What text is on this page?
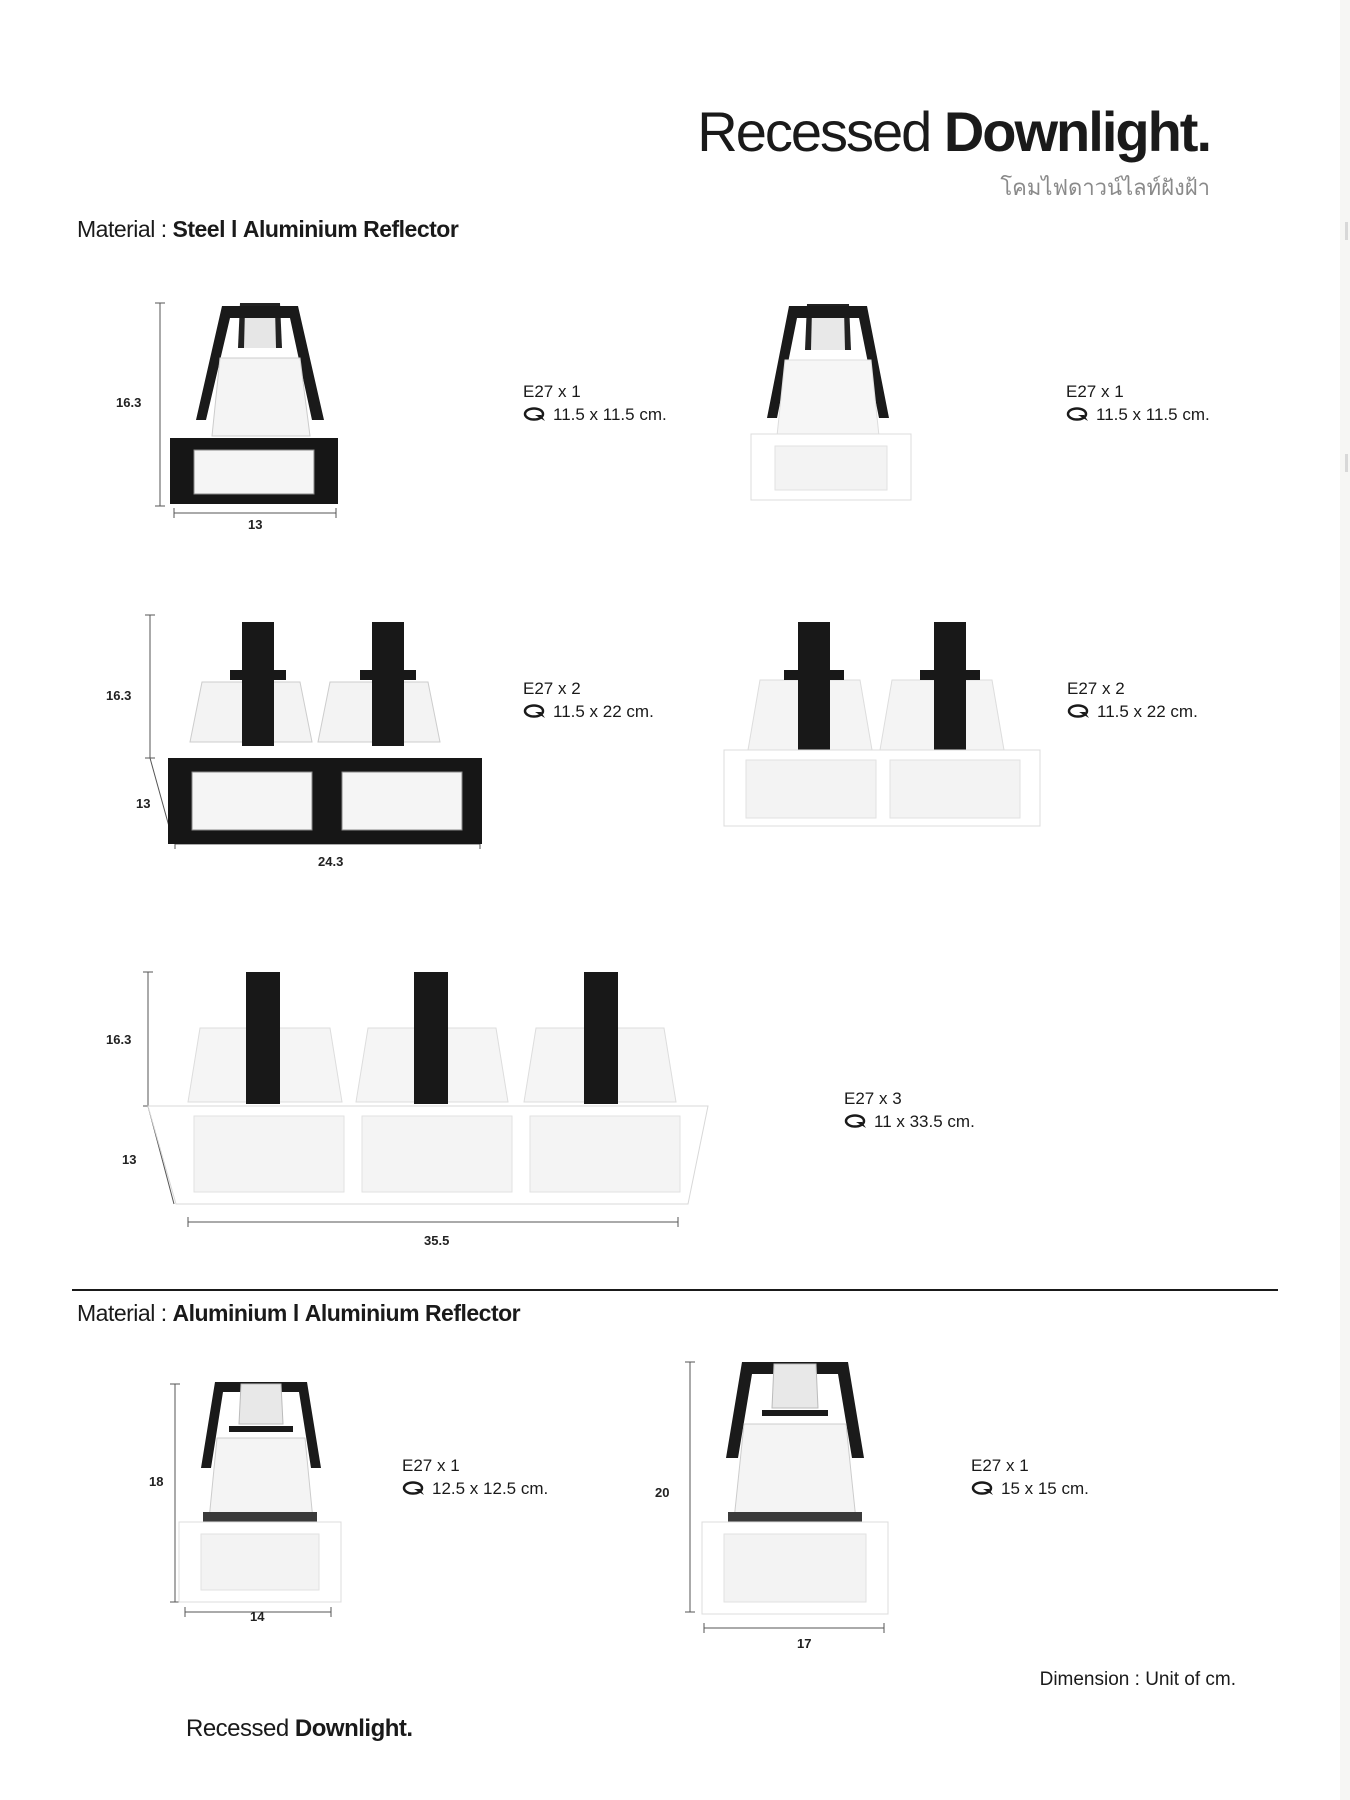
Recessed Downlight.
โคมไฟดาวน์ไลท์ฝังฝ้า
Material : Steel l Aluminium Reflector
16.3
13
E27 x 1
11.5 x 11.5 cm.
E27 x 1
11.5 x 11.5 cm.
16.3
13
24.3
E27 x 2
11.5 x 22 cm.
E27 x 2
11.5 x 22 cm.
16.3
13
35.5
E27 x 3
11 x 33.5 cm.
Material : Aluminium l Aluminium Reflector
18
14
E27 x 1
12.5 x 12.5 cm.	20
17
E27 x 1
15 x 15 cm.
Dimension : Unit of cm.
Recessed Downlight.
